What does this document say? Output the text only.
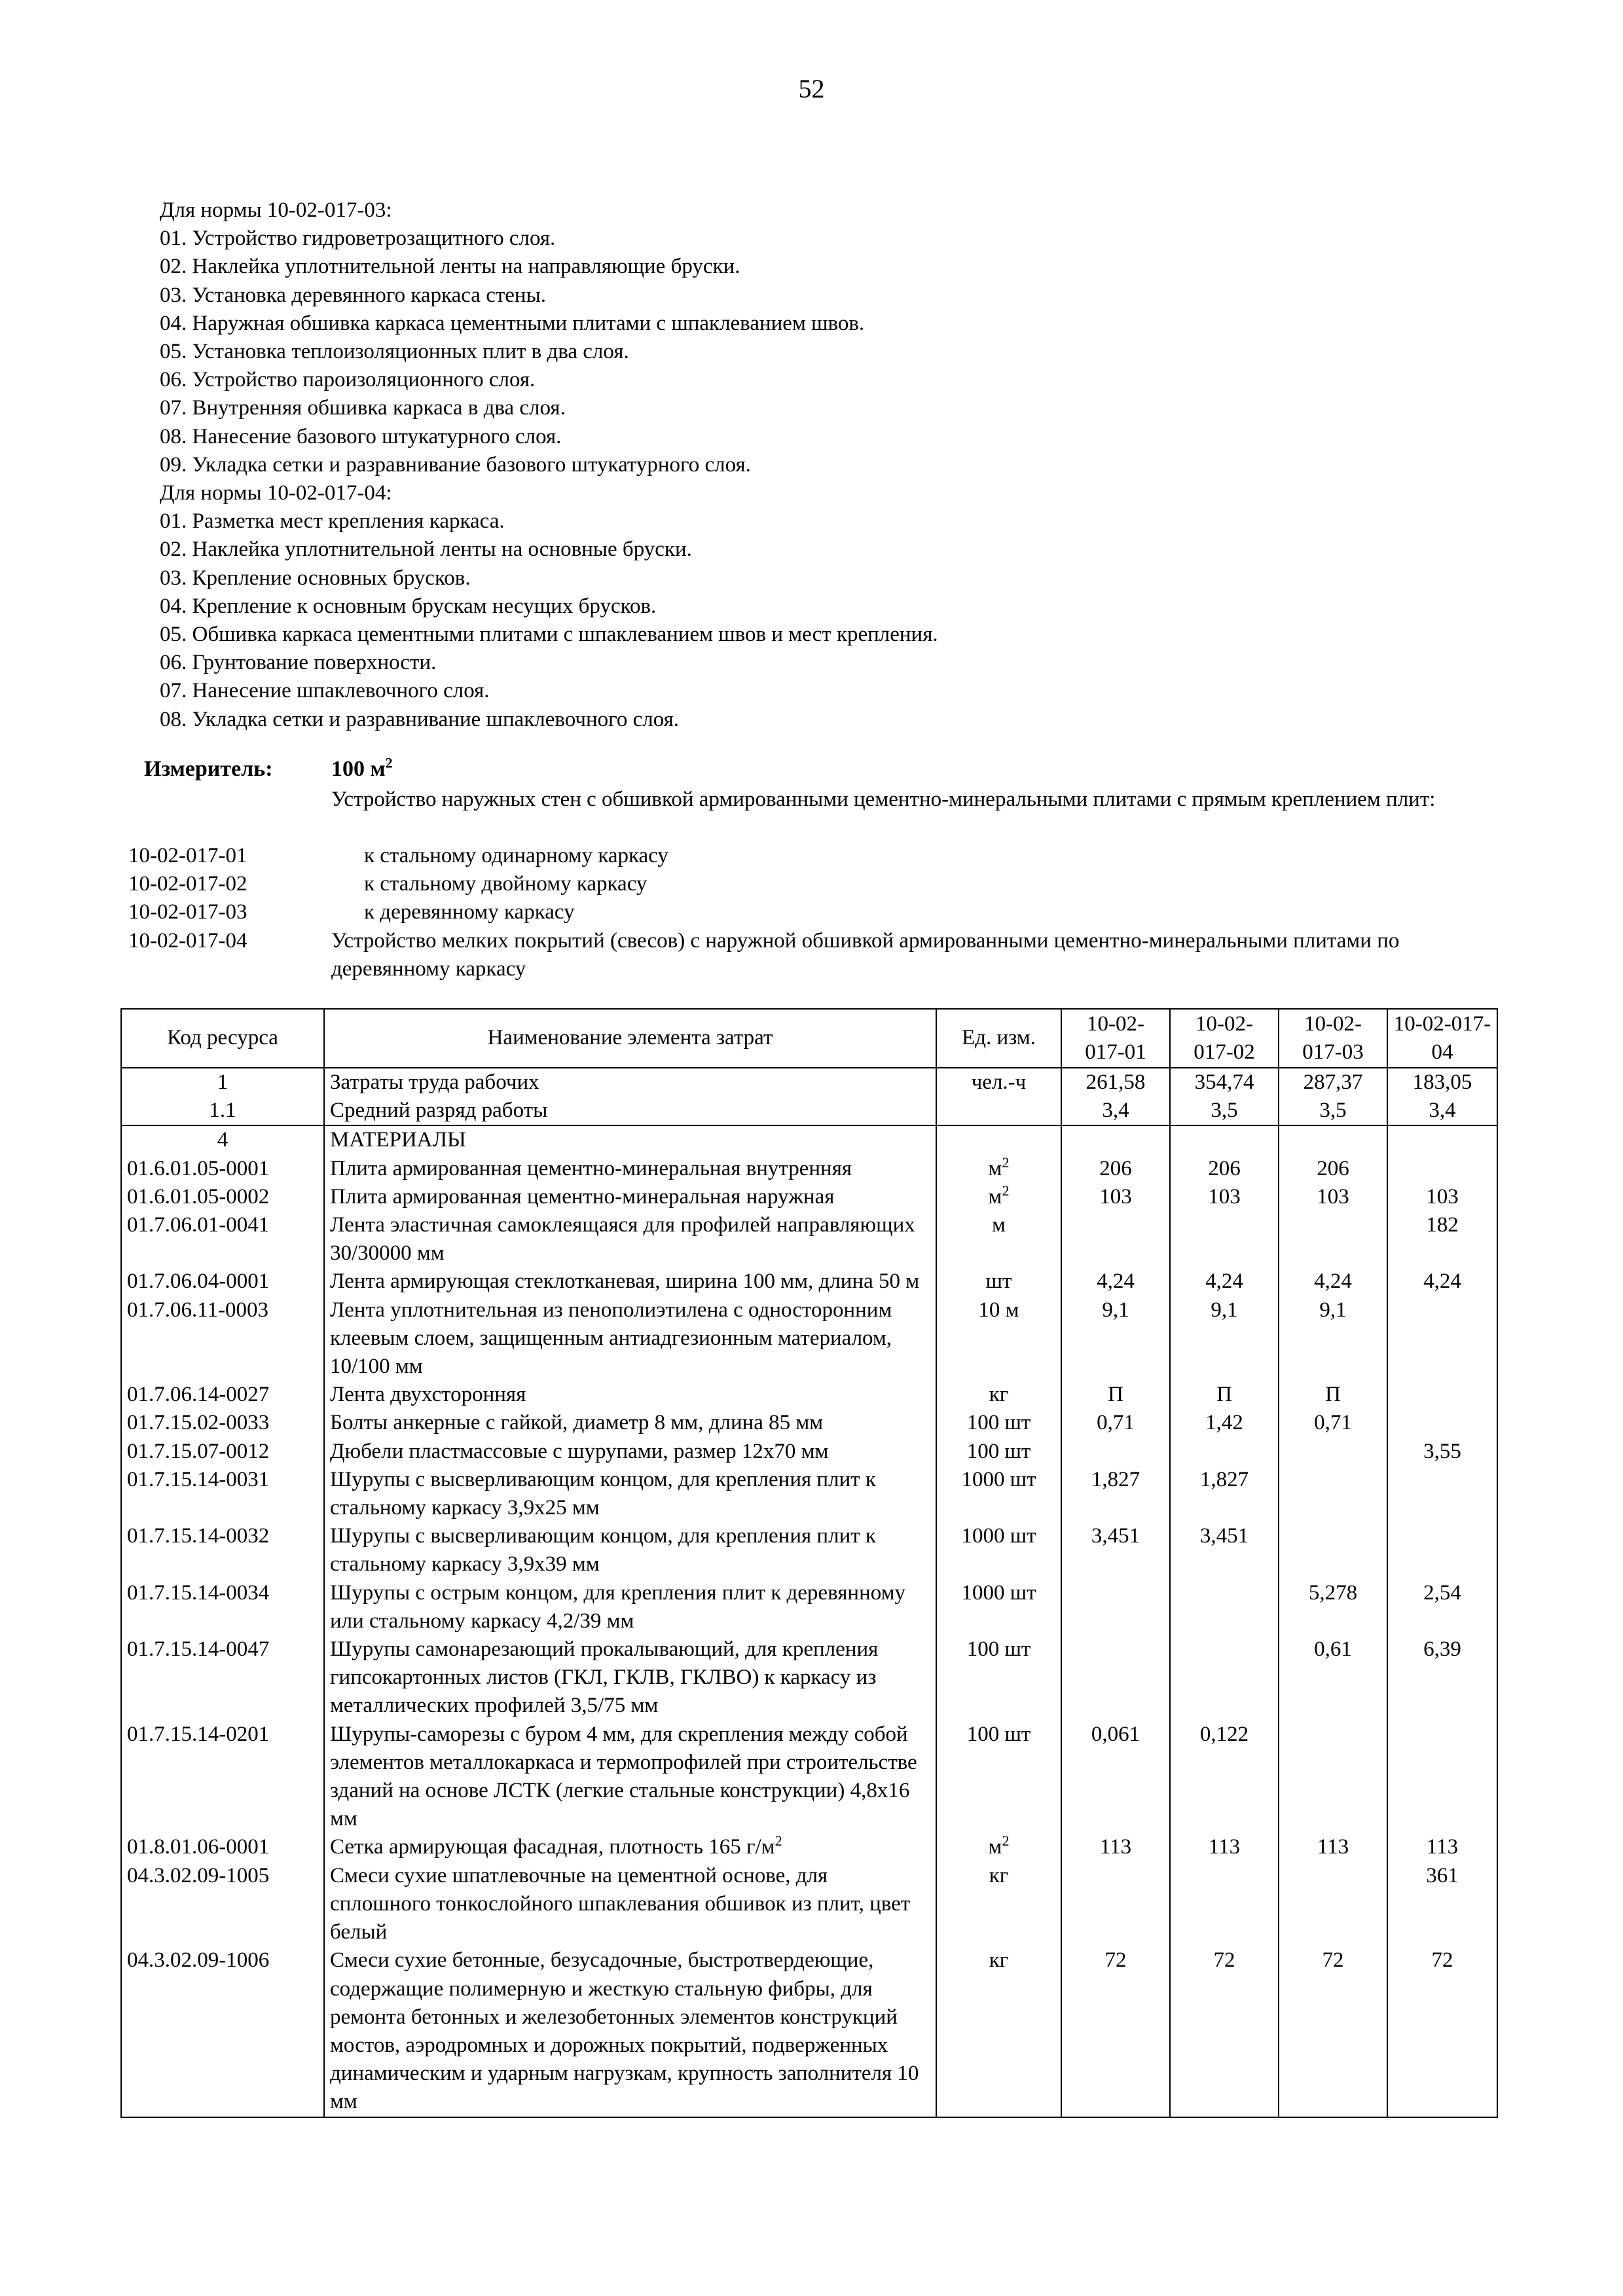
52
Для нормы 10-02-017-03:
01. Устройство гидроветрозащитного слоя.
02. Наклейка уплотнительной ленты на направляющие бруски.
03. Установка деревянного каркаса стены.
04. Наружная обшивка каркаса цементными плитами с шпаклеванием швов.
05. Установка теплоизоляционных плит в два слоя.
06. Устройство пароизоляционного слоя.
07. Внутренняя обшивка каркаса в два слоя.
08. Нанесение базового штукатурного слоя.
09. Укладка сетки и разравнивание базового штукатурного слоя.
Для нормы 10-02-017-04:
01. Разметка мест крепления каркаса.
02. Наклейка уплотнительной ленты на основные бруски.
03. Крепление основных брусков.
04. Крепление к основным брускам несущих брусков.
05. Обшивка каркаса цементными плитами с шпаклеванием швов и мест крепления.
06. Грунтование поверхности.
07. Нанесение шпаклевочного слоя.
08. Укладка сетки и разравнивание шпаклевочного слоя.
Измеритель:	100 $м^2$
Устройство наружных стен с обшивкой армированными цементно-минеральными плитами с прямым креплением плит:
10-02-017-01	к стальному одинарному каркасу
10-02-017-02	к стальному двойному каркасу
10-02-017-03	к деревянному каркасу
10-02-017-04	Устройство мелких покрытий (свесов) с наружной обшивкой армированными цементно-минеральными плитами по деревянному каркасу
Код ресурса	Наименование элемента затрат	Ед. изм.	10-02-017-01	10-02-017-02	10-02-017-03	10-02-017-04
1	Затраты труда рабочих	чел.-ч	261,58	354,74	287,37	183,05
1.1	Средний разряд работы		3,4	3,5	3,5	3,4
4	МАТЕРИАЛЫ					
01.6.01.05-0001	Плита армированная цементно-минеральная внутренняя	$м^2$	206	206	206	
01.6.01.05-0002	Плита армированная цементно-минеральная наружная	$м^2$	103	103	103	103
01.7.06.01-0041	Лента эластичная самоклеящаяся для профилей направляющих 30/30000 мм	м				182
01.7.06.04-0001	Лента армирующая стеклотканевая, ширина 100 мм, длина 50 м	шт	4,24	4,24	4,24	4,24
01.7.06.11-0003	Лента уплотнительная из пенополиэтилена с односторонним клеевым слоем, защищенным антиадгезионным материалом, 10/100 мм	10 м	9,1	9,1	9,1	
01.7.06.14-0027	Лента двухсторонняя	кг	П	П	П	
01.7.15.02-0033	Болты анкерные с гайкой, диаметр 8 мм, длина 85 мм	100 шт	0,71	1,42	0,71	
01.7.15.07-0012	Дюбели пластмассовые с шурупами, размер 12х70 мм	100 шт				3,55
01.7.15.14-0031	Шурупы с высверливающим концом, для крепления плит к стальному каркасу 3,9х25 мм	1000 шт	1,827	1,827		
01.7.15.14-0032	Шурупы с высверливающим концом, для крепления плит к стальному каркасу 3,9х39 мм	1000 шт	3,451	3,451		
01.7.15.14-0034	Шурупы с острым концом, для крепления плит к деревянному или стальному каркасу 4,2/39 мм	1000 шт			5,278	2,54
01.7.15.14-0047	Шурупы самонарезающий прокалывающий, для крепления гипсокартонных листов (ГКЛ, ГКЛВ, ГКЛВО) к каркасу из металлических профилей 3,5/75 мм	100 шт			0,61	6,39
01.7.15.14-0201	Шурупы-саморезы с буром 4 мм, для скрепления между собой элементов металлокаркаса и термопрофилей при строительстве зданий на основе ЛСТК (легкие стальные конструкции) 4,8х16 мм	100 шт	0,061	0,122		
01.8.01.06-0001	Сетка армирующая фасадная, плотность 165 $г/м^2$	$м^2$	113	113	113	113
04.3.02.09-1005	Смеси сухие шпатлевочные на цементной основе, для сплошного тонкослойного шпаклевания обшивок из плит, цвет белый	кг				361
04.3.02.09-1006	Смеси сухие бетонные, безусадочные, быстротвердеющие, содержащие полимерную и жесткую стальную фибры, для ремонта бетонных и железобетонных элементов конструкций мостов, аэродромных и дорожных покрытий, подверженных динамическим и ударным нагрузкам, крупность заполнителя 10 мм	кг	72	72	72	72
